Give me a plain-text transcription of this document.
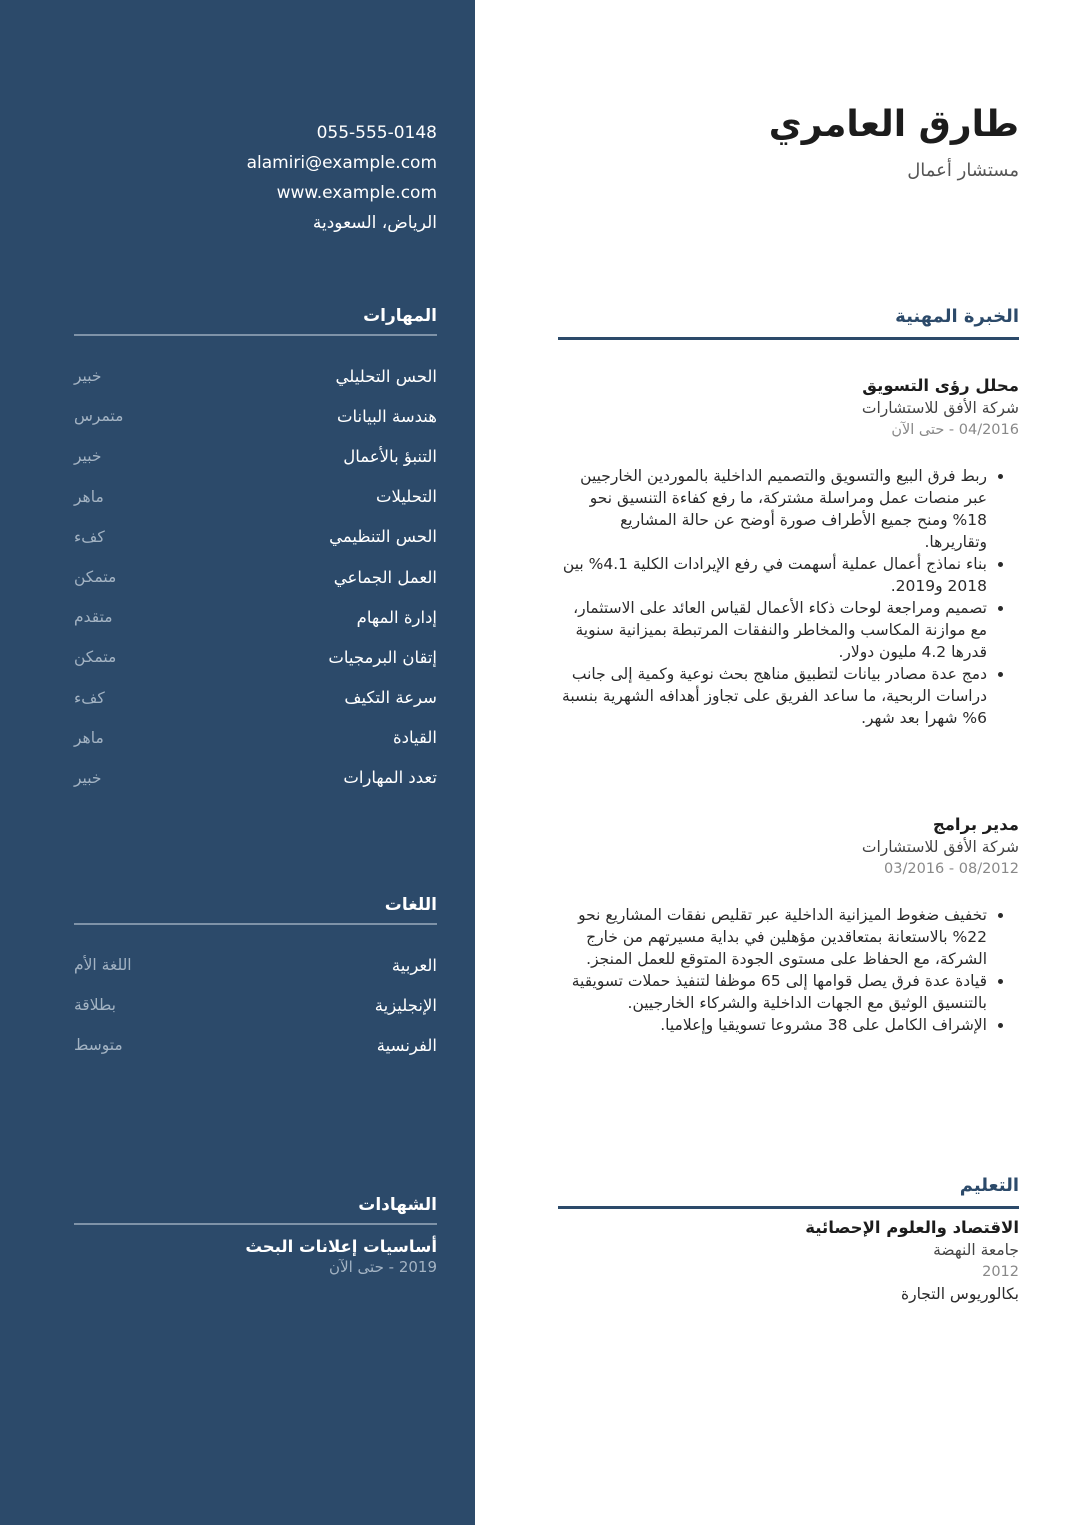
055-555-0148
alamiri@example.com
www.example.com
الرياض، السعودية
المهارات
الحس التحليلي
خبير
هندسة البيانات
متمرس
التنبؤ بالأعمال
خبير
التحليلات
ماهر
الحس التنظيمي
كفء
العمل الجماعي
متمكن
إدارة المهام
متقدم
إتقان البرمجيات
متمكن
سرعة التكيف
كفء
القيادة
ماهر
تعدد المهارات
خبير
اللغات
العربية
اللغة الأم
الإنجليزية
بطلاقة
الفرنسية
متوسط
الشهادات
أساسيات إعلانات البحث
2019 - حتى الآن
طارق العامري
مستشار أعمال
الخبرة المهنية
محلل رؤى التسويق
شركة الأفق للاستشارات
04/2016 - حتى الآن
• ربط فرق البيع والتسويق والتصميم الداخلية بالموردين الخارجيين عبر منصات عمل ومراسلة مشتركة، ما رفع كفاءة التنسيق نحو 18% ومنح جميع الأطراف صورة أوضح عن حالة المشاريع وتقاريرها.
• بناء نماذج أعمال عملية أسهمت في رفع الإيرادات الكلية 4.1% بين 2018 و2019.
• تصميم ومراجعة لوحات ذكاء الأعمال لقياس العائد على الاستثمار، مع موازنة المكاسب والمخاطر والنفقات المرتبطة بميزانية سنوية قدرها 4.2 مليون دولار.
• دمج عدة مصادر بيانات لتطبيق مناهج بحث نوعية وكمية إلى جانب دراسات الربحية، ما ساعد الفريق على تجاوز أهدافه الشهرية بنسبة 6% شهرا بعد شهر.
مدير برامج
شركة الأفق للاستشارات
08/2012 - 03/2016
• تخفيف ضغوط الميزانية الداخلية عبر تقليص نفقات المشاريع نحو 22% بالاستعانة بمتعاقدين مؤهلين في بداية مسيرتهم من خارج الشركة، مع الحفاظ على مستوى الجودة المتوقع للعمل المنجز.
• قيادة عدة فرق يصل قوامها إلى 65 موظفا لتنفيذ حملات تسويقية بالتنسيق الوثيق مع الجهات الداخلية والشركاء الخارجيين.
• الإشراف الكامل على 38 مشروعا تسويقيا وإعلاميا.
التعليم
الاقتصاد والعلوم الإحصائية
جامعة النهضة
2012
بكالوريوس التجارة
